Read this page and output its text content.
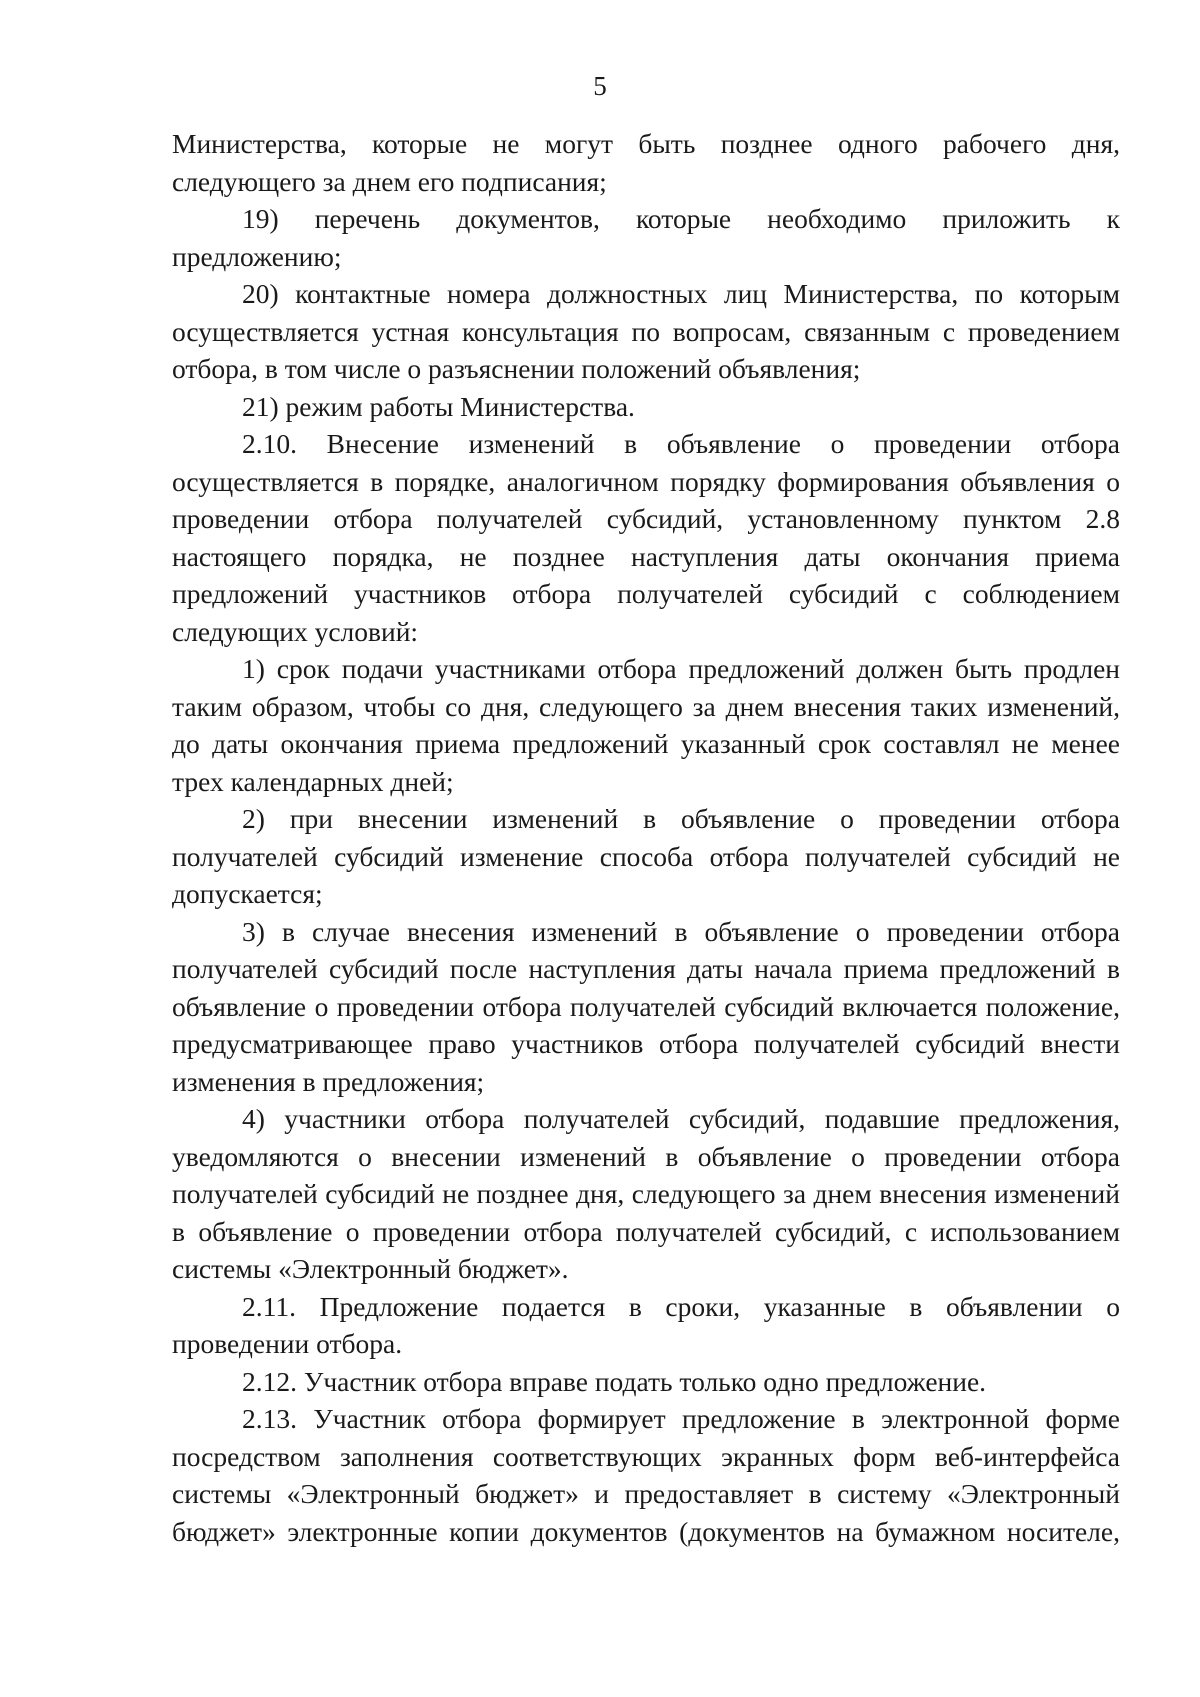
5

Министерства, которые не могут быть позднее одного рабочего дня, следующего за днем его подписания;

19) перечень документов, которые необходимо приложить к предложению;

20) контактные номера должностных лиц Министерства, по которым осуществляется устная консультация по вопросам, связанным с проведением отбора, в том числе о разъяснении положений объявления;

21) режим работы Министерства.

2.10. Внесение изменений в объявление о проведении отбора осуществляется в порядке, аналогичном порядку формирования объявления о проведении отбора получателей субсидий, установленному пунктом 2.8 настоящего порядка, не позднее наступления даты окончания приема предложений участников отбора получателей субсидий с соблюдением следующих условий:

1) срок подачи участниками отбора предложений должен быть продлен таким образом, чтобы со дня, следующего за днем внесения таких изменений, до даты окончания приема предложений указанный срок составлял не менее трех календарных дней;

2) при внесении изменений в объявление о проведении отбора получателей субсидий изменение способа отбора получателей субсидий не допускается;

3) в случае внесения изменений в объявление о проведении отбора получателей субсидий после наступления даты начала приема предложений в объявление о проведении отбора получателей субсидий включается положение, предусматривающее право участников отбора получателей субсидий внести изменения в предложения;

4) участники отбора получателей субсидий, подавшие предложения, уведомляются о внесении изменений в объявление о проведении отбора получателей субсидий не позднее дня, следующего за днем внесения изменений в объявление о проведении отбора получателей субсидий, с использованием системы «Электронный бюджет».

2.11. Предложение подается в сроки, указанные в объявлении о проведении отбора.

2.12. Участник отбора вправе подать только одно предложение.

2.13. Участник отбора формирует предложение в электронной форме посредством заполнения соответствующих экранных форм веб-интерфейса системы «Электронный бюджет» и предоставляет в систему «Электронный бюджет» электронные копии документов (документов на бумажном носителе,
